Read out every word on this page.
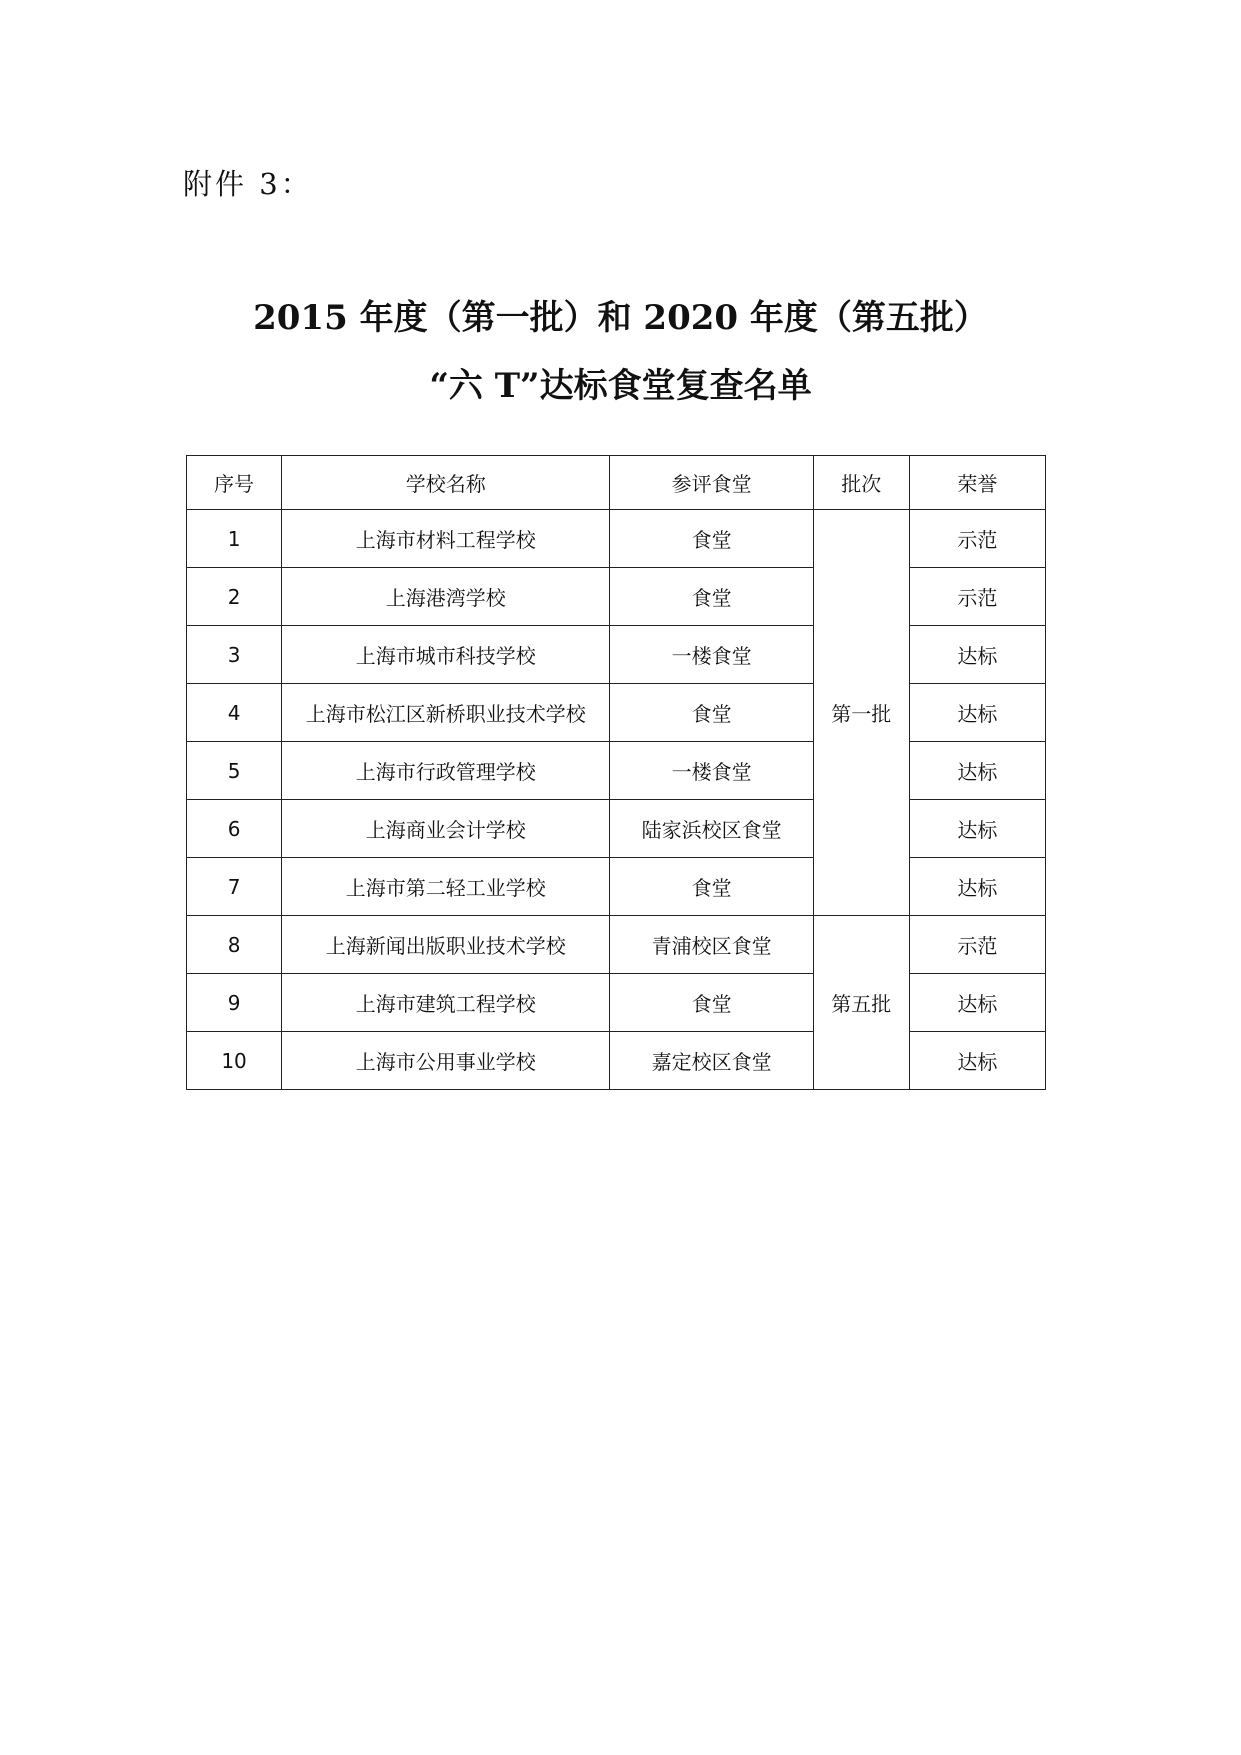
附件 3：
2015 年度（第一批）和 2020 年度（第五批）
“六 T”达标食堂复查名单
序号	学校名称	参评食堂	批次	荣誉
1	上海市材料工程学校	食堂	第一批	示范
2	上海港湾学校	食堂		示范
3	上海市城市科技学校	一楼食堂		达标
4	上海市松江区新桥职业技术学校	食堂		达标
5	上海市行政管理学校	一楼食堂		达标
6	上海商业会计学校	陆家浜校区食堂		达标
7	上海市第二轻工业学校	食堂		达标
8	上海新闻出版职业技术学校	青浦校区食堂	第五批	示范
9	上海市建筑工程学校	食堂		达标
10	上海市公用事业学校	嘉定校区食堂		达标
